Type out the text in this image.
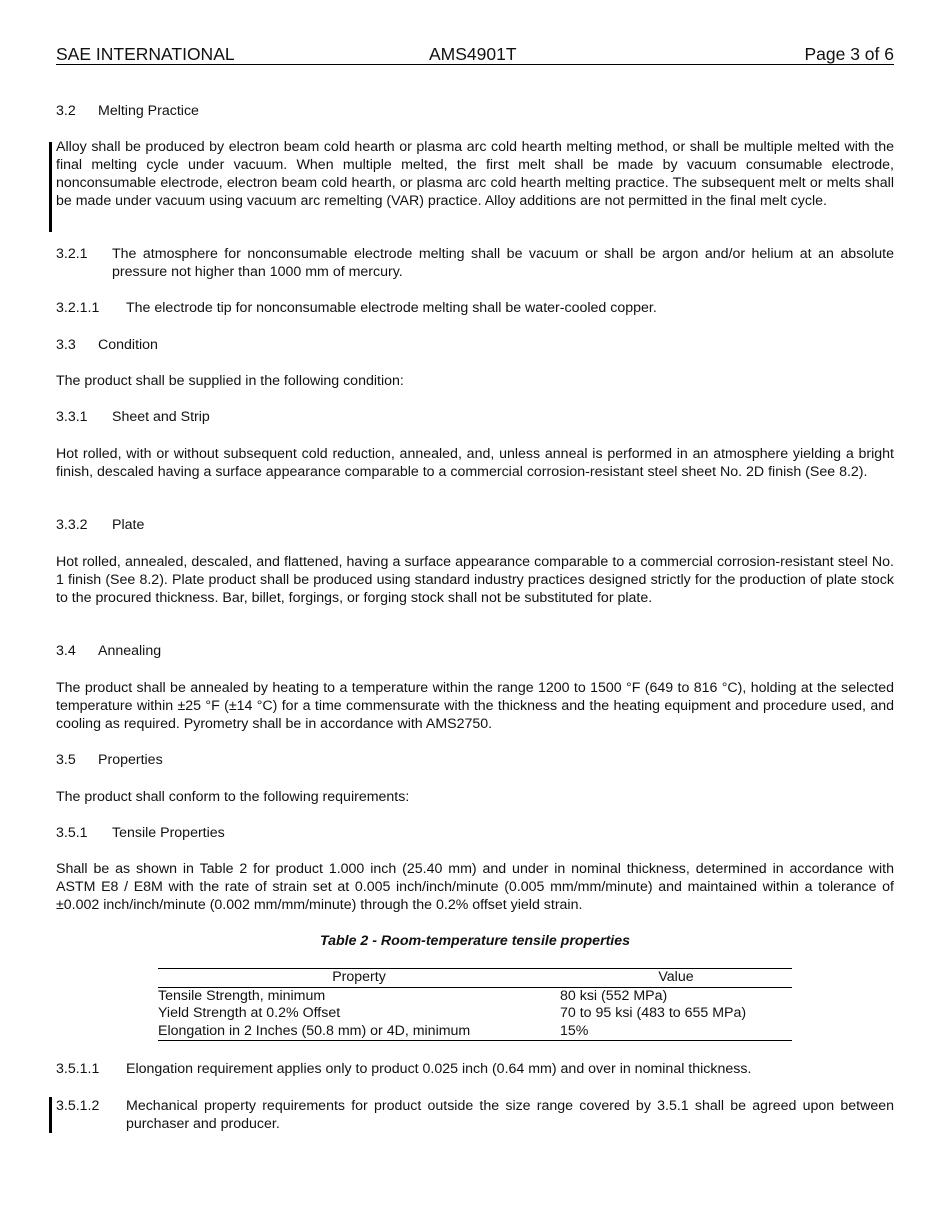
SAE INTERNATIONAL	AMS4901T	Page 3 of 6
3.2 Melting Practice

Alloy shall be produced by electron beam cold hearth or plasma arc cold hearth melting method, or shall be multiple melted with the final melting cycle under vacuum. When multiple melted, the first melt shall be made by vacuum consumable electrode, nonconsumable electrode, electron beam cold hearth, or plasma arc cold hearth melting practice. The subsequent melt or melts shall be made under vacuum using vacuum arc remelting (VAR) practice. Alloy additions are not permitted in the final melt cycle.

3.2.1	The atmosphere for nonconsumable electrode melting shall be vacuum or shall be argon and/or helium at an absolute pressure not higher than 1000 mm of mercury.
3.2.1.1	The electrode tip for nonconsumable electrode melting shall be water-cooled copper.
3.3 Condition

The product shall be supplied in the following condition:

3.3.1 Sheet and Strip

Hot rolled, with or without subsequent cold reduction, annealed, and, unless anneal is performed in an atmosphere yielding a bright finish, descaled having a surface appearance comparable to a commercial corrosion-resistant steel sheet No. 2D finish (See 8.2).

3.3.2 Plate

Hot rolled, annealed, descaled, and flattened, having a surface appearance comparable to a commercial corrosion-resistant steel No. 1 finish (See 8.2). Plate product shall be produced using standard industry practices designed strictly for the production of plate stock to the procured thickness. Bar, billet, forgings, or forging stock shall not be substituted for plate.

3.4 Annealing

The product shall be annealed by heating to a temperature within the range 1200 to 1500 °F (649 to 816 °C), holding at the selected temperature within ±25 °F (±14 °C) for a time commensurate with the thickness and the heating equipment and procedure used, and cooling as required. Pyrometry shall be in accordance with AMS2750.

3.5 Properties

The product shall conform to the following requirements:

3.5.1 Tensile Properties

Shall be as shown in Table 2 for product 1.000 inch (25.40 mm) and under in nominal thickness, determined in accordance with ASTM E8 / E8M with the rate of strain set at 0.005 inch/inch/minute (0.005 mm/mm/minute) and maintained within a tolerance of ±0.002 inch/inch/minute (0.002 mm/mm/minute) through the 0.2% offset yield strain.

Table 2 - Room-temperature tensile properties
Property	Value
Tensile Strength, minimum	80 ksi (552 MPa)
Yield Strength at 0.2% Offset	70 to 95 ksi (483 to 655 MPa)
Elongation in 2 Inches (50.8 mm) or 4D, minimum	15%
3.5.1.1	Elongation requirement applies only to product 0.025 inch (0.64 mm) and over in nominal thickness.
3.5.1.2	Mechanical property requirements for product outside the size range covered by 3.5.1 shall be agreed upon between purchaser and producer.
